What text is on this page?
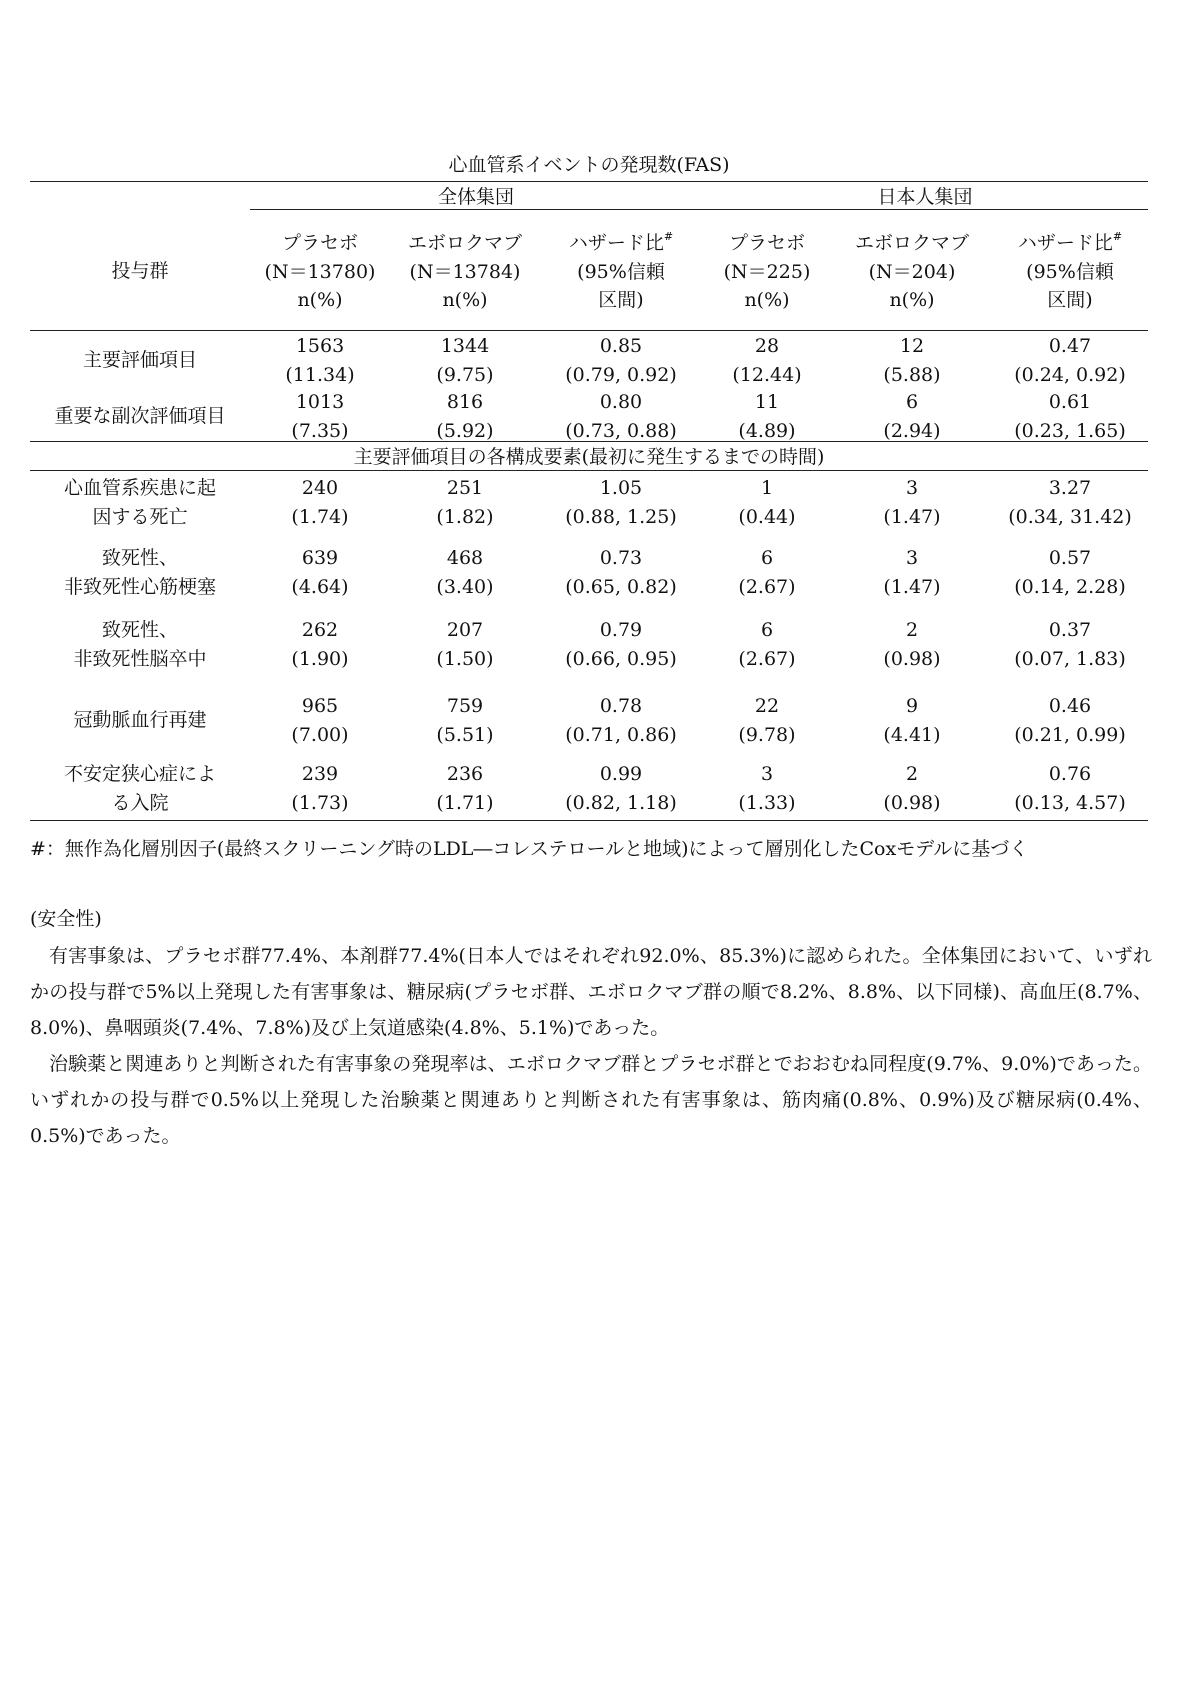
心血管系イベントの発現数(FAS)
全体集団	日本人集団
投与群
プラセボ
(N＝13780)
n(%)
エボロクマブ
(N＝13784)
n(%)
ハザード比#
(95%信頼
区間)
プラセボ
(N＝225)
n(%)
エボロクマブ
(N＝204)
n(%)
ハザード比#
(95%信頼
区間)
主要評価項目
1563
(11.34)
1344
(9.75)
0.85
(0.79, 0.92)
28
(12.44)
12
(5.88)
0.47
(0.24, 0.92)
重要な副次評価項目
1013
(7.35)
816
(5.92)
0.80
(0.73, 0.88)
11
(4.89)
6
(2.94)
0.61
(0.23, 1.65)
主要評価項目の各構成要素(最初に発生するまでの時間)
心血管系疾患に起
因する死亡
240
(1.74)
251
(1.82)
1.05
(0.88, 1.25)
1
(0.44)
3
(1.47)
3.27
(0.34, 31.42)
致死性、
非致死性心筋梗塞
639
(4.64)
468
(3.40)
0.73
(0.65, 0.82)
6
(2.67)
3
(1.47)
0.57
(0.14, 2.28)
致死性、
非致死性脳卒中
262
(1.90)
207
(1.50)
0.79
(0.66, 0.95)
6
(2.67)
2
(0.98)
0.37
(0.07, 1.83)
冠動脈血行再建
965
(7.00)
759
(5.51)
0.78
(0.71, 0.86)
22
(9.78)
9
(4.41)
0.46
(0.21, 0.99)
不安定狭心症によ
る入院
239
(1.73)
236
(1.71)
0.99
(0.82, 1.18)
3
(1.33)
2
(0.98)
0.76
(0.13, 4.57)
#：無作為化層別因子(最終スクリーニング時のLDL―コレステロールと地域)によって層別化したCoxモデルに基づく
(安全性)
有害事象は、プラセボ群77.4%、本剤群77.4%(日本人ではそれぞれ92.0%、85.3%)に認められた。全体集団において、いずれかの投与群で5%以上発現した有害事象は、糖尿病(プラセボ群、エボロクマブ群の順で8.2%、8.8%、以下同様)、高血圧(8.7%、8.0%)、鼻咽頭炎(7.4%、7.8%)及び上気道感染(4.8%、5.1%)であった。
治験薬と関連ありと判断された有害事象の発現率は、エボロクマブ群とプラセボ群とでおおむね同程度(9.7%、9.0%)であった。いずれかの投与群で0.5%以上発現した治験薬と関連ありと判断された有害事象は、筋肉痛(0.8%、0.9%)及び糖尿病(0.4%、0.5%)であった。
